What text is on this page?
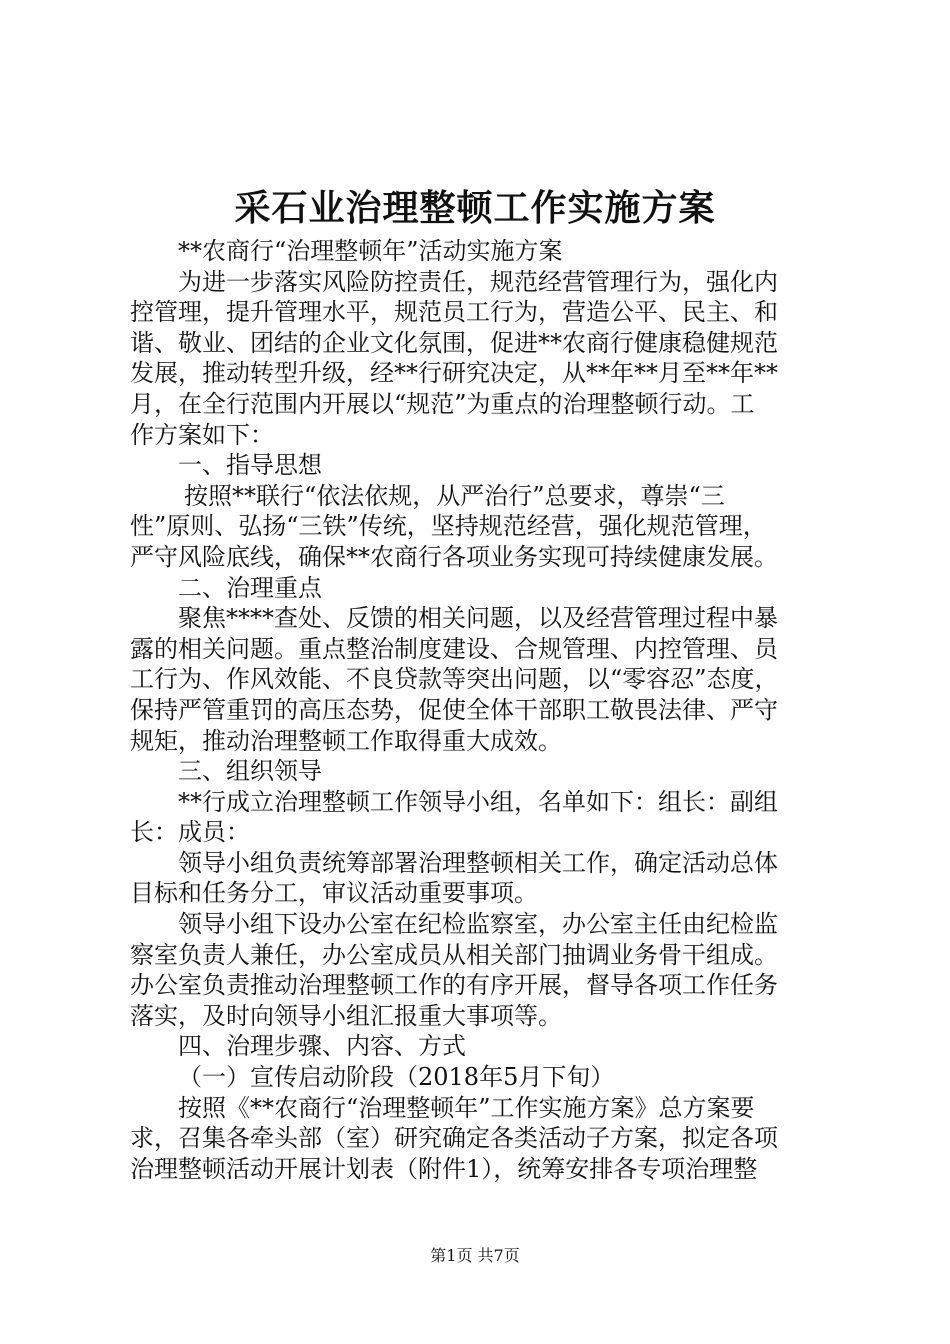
采石业治理整顿工作实施方案
**农商行“治理整顿年”活动实施方案
为进一步落实风险防控责任，规范经营管理行为，强化内
控管理，提升管理水平，规范员工行为，营造公平、民主、和
谐、敬业、团结的企业文化氛围，促进**农商行健康稳健规范
发展，推动转型升级，经**行研究决定，从**年**月至**年**
月，在全行范围内开展以“规范”为重点的治理整顿行动。工
作方案如下：
一、指导思想
按照**联行“依法依规，从严治行”总要求，尊崇“三
性”原则、弘扬“三铁”传统，坚持规范经营，强化规范管理，
严守风险底线，确保**农商行各项业务实现可持续健康发展。
二、治理重点
聚焦****查处、反馈的相关问题，以及经营管理过程中暴
露的相关问题。重点整治制度建设、合规管理、内控管理、员
工行为、作风效能、不良贷款等突出问题，以“零容忍”态度，
保持严管重罚的高压态势，促使全体干部职工敬畏法律、严守
规矩，推动治理整顿工作取得重大成效。
三、组织领导
**行成立治理整顿工作领导小组，名单如下：组长：副组
长：成员：
领导小组负责统筹部署治理整顿相关工作，确定活动总体
目标和任务分工，审议活动重要事项。
领导小组下设办公室在纪检监察室，办公室主任由纪检监
察室负责人兼任，办公室成员从相关部门抽调业务骨干组成。
办公室负责推动治理整顿工作的有序开展，督导各项工作任务
落实，及时向领导小组汇报重大事项等。
四、治理步骤、内容、方式
（一）宣传启动阶段（2018年5月下旬）
按照《**农商行“治理整顿年”工作实施方案》总方案要
求，召集各牵头部（室）研究确定各类活动子方案，拟定各项
治理整顿活动开展计划表（附件1），统筹安排各专项治理整
第1页 共7页
